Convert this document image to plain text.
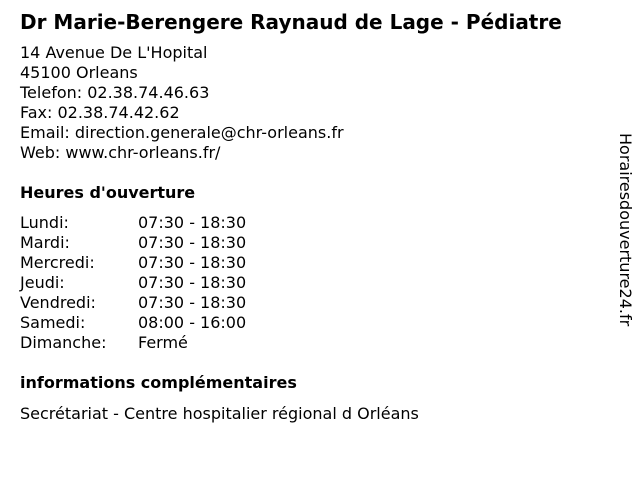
Dr Marie-Berengere Raynaud de Lage - Pédiatre
14 Avenue De L'Hopital
45100 Orleans
Telefon: 02.38.74.46.63
Fax: 02.38.74.42.62
Email: direction.generale@chr-orleans.fr
Web: www.chr-orleans.fr/
Heures d'ouverture
Lundi:	07:30 - 18:30
Mardi:	07:30 - 18:30
Mercredi:	07:30 - 18:30
Jeudi:	07:30 - 18:30
Vendredi:	07:30 - 18:30
Samedi:	08:00 - 16:00
Dimanche:	Fermé
informations complémentaires
Secrétariat - Centre hospitalier régional d Orléans
Horairesdouverture24.fr
